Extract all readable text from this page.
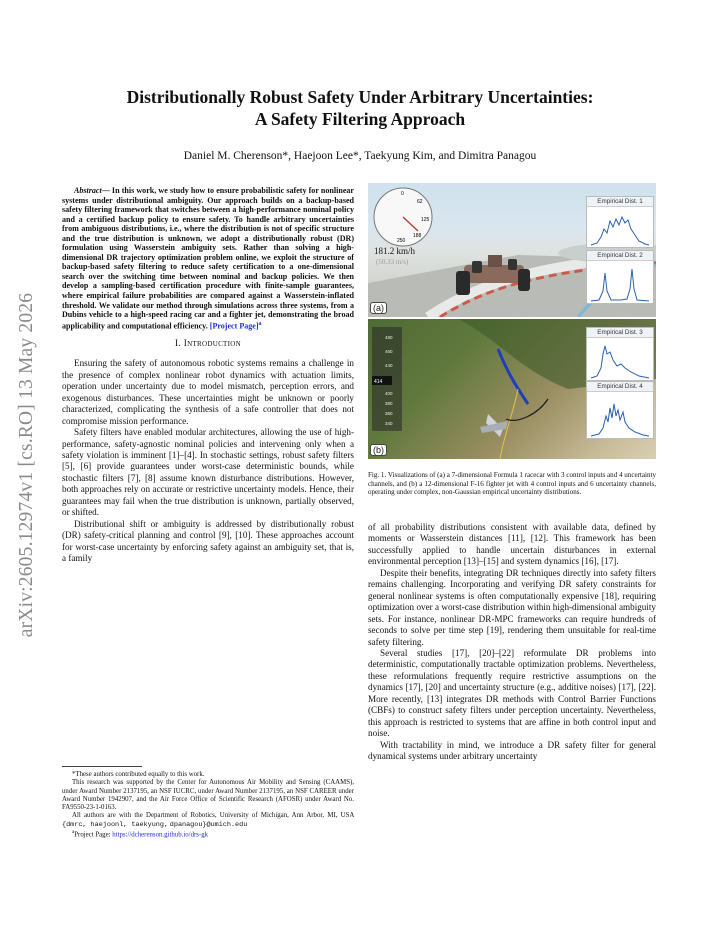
arXiv:2605.12974v1 [cs.RO] 13 May 2026
Distributionally Robust Safety Under Arbitrary Uncertainties:
A Safety Filtering Approach
Daniel M. Cherenson*, Haejoon Lee*, Taekyung Kim, and Dimitra Panagou

Abstract— In this work, we study how to ensure probabilistic safety for nonlinear systems under distributional ambiguity. Our approach builds on a backup-based safety filtering framework that switches between a high-performance nominal policy and a certified backup policy to ensure safety. To handle arbitrary uncertainties from ambiguous distributions, i.e., where the distribution is not of specific structure and the true distribution is unknown, we adopt a distributionally robust (DR) formulation using Wasserstein ambiguity sets. Rather than solving a high-dimensional DR trajectory optimization problem online, we exploit the structure of backup-based safety filtering to reduce safety certification to a one-dimensional search over the switching time between nominal and backup policies. We then develop a sampling-based certification procedure with finite-sample guarantees, where empirical failure probabilities are compared against a Wasserstein-inflated threshold. We validate our method through simulations across three systems, from a Dubins vehicle to a high-speed racing car and a fighter jet, demonstrating the broad applicability and computational efficiency. [Project Page]$^a$

I. Introduction

Ensuring the safety of autonomous robotic systems remains a challenge in the presence of complex nonlinear robot dynamics with actuation limits, operation under uncertainty due to model mismatch, perception errors, and exogenous disturbances. These uncertainties might be unknown or poorly characterized, complicating the synthesis of a safe controller that does not compromise mission performance.

Safety filters have enabled modular architectures, allowing the use of high-performance, safety-agnostic nominal policies and intervening only when a safety violation is imminent [1]–[4]. In stochastic settings, robust safety filters [5], [6] provide guarantees under worst-case deterministic bounds, while stochastic filters [7], [8] assume known disturbance distributions. However, both approaches rely on accurate or restrictive uncertainty models. Hence, their guarantees may fail when the true distribution is unknown, partially observed, or shifted.

Distributional shift or ambiguity is addressed by distributionally robust (DR) safety-critical planning and control [9], [10]. These approaches account for worst-case uncertainty by enforcing safety against an ambiguity set, that is, a family

*These authors contributed equally to this work.

This research was supported by the Center for Autonomous Air Mobility and Sensing (CAAMS), under Award Number 2137195, an NSF IUCRC, under Award Number 2137195, an NSF CAREER under Award Number 1942907, and the Air Force Office of Scientific Research (AFOSR) under Award No. FA9550-23-1-0163.

All authors are with the Department of Robotics, University of Michigan, Ann Arbor, MI, USA {dmrc, haejoonl, taekyung, dpanagou}@umich.edu

$^a$Project Page: https://dcherenson.github.io/drs-gk

0
62
125
188
250
181.2 km/h
(50.33 m/s)
Empirical Dist. 1
Empirical Dist. 2
(a)
480
460
440
414
400
380
360
340
Empirical Dist. 3
Empirical Dist. 4
(b)
Fig. 1. Visualizations of (a) a 7-dimensional Formula 1 racecar with 3 control inputs and 4 uncertainty channels, and (b) a 12-dimensional F-16 fighter jet with 4 control inputs and 6 uncertainty channels, operating under complex, non-Gaussian empirical uncertainty distributions.

of all probability distributions consistent with available data, defined by moments or Wasserstein distances [11], [12]. This framework has been successfully applied to handle uncertain disturbances in external environmental perception [13]–[15] and system dynamics [16], [17].

Despite their benefits, integrating DR techniques directly into safety filters remains challenging. Incorporating and verifying DR safety constraints for general nonlinear systems is often computationally expensive [18], requiring optimization over a worst-case distribution within high-dimensional ambiguity sets. For instance, nonlinear DR-MPC frameworks can require hundreds of seconds to solve per time step [19], rendering them unsuitable for real-time safety filtering.

Several studies [17], [20]–[22] reformulate DR problems into deterministic, computationally tractable optimization problems. Nevertheless, these reformulations frequently require restrictive assumptions on the dynamics [17], [20] and uncertainty structure (e.g., additive noises) [17], [22]. More recently, [13] integrates DR methods with Control Barrier Functions (CBFs) to construct safety filters under perception uncertainty. Nevertheless, this approach is restricted to systems that are affine in both control input and noise.

With tractability in mind, we introduce a DR safety filter for general dynamical systems under arbitrary uncertainty
